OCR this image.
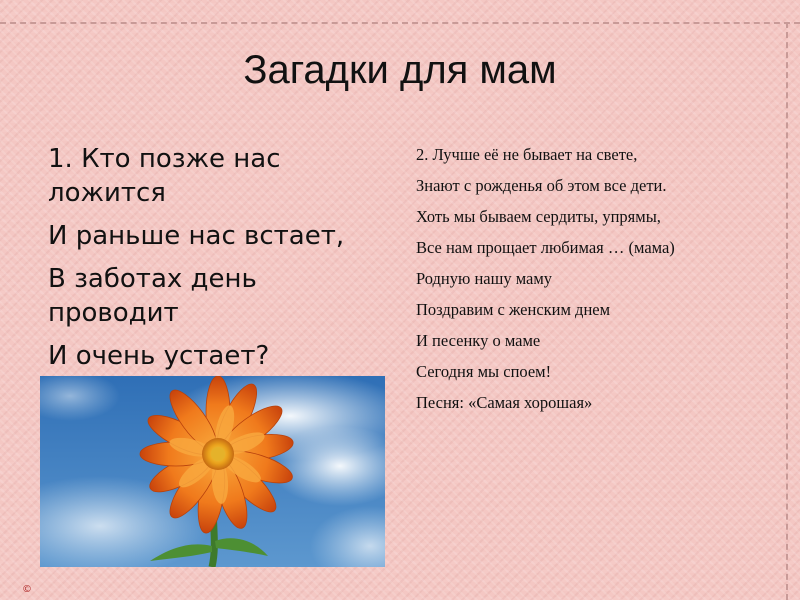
Загадки для мам

1. Кто позже нас ложится

И раньше нас встает,

В заботах день проводит

И очень устает?

2. Лучше её не бывает на свете,

Знают с рожденья об этом все дети.

Хоть мы бываем сердиты, упрямы,

Все нам прощает любимая … (мама)

Родную нашу маму

Поздравим с женским днем

И песенку о маме

Сегодня мы споем!

Песня: «Самая хорошая»

©
